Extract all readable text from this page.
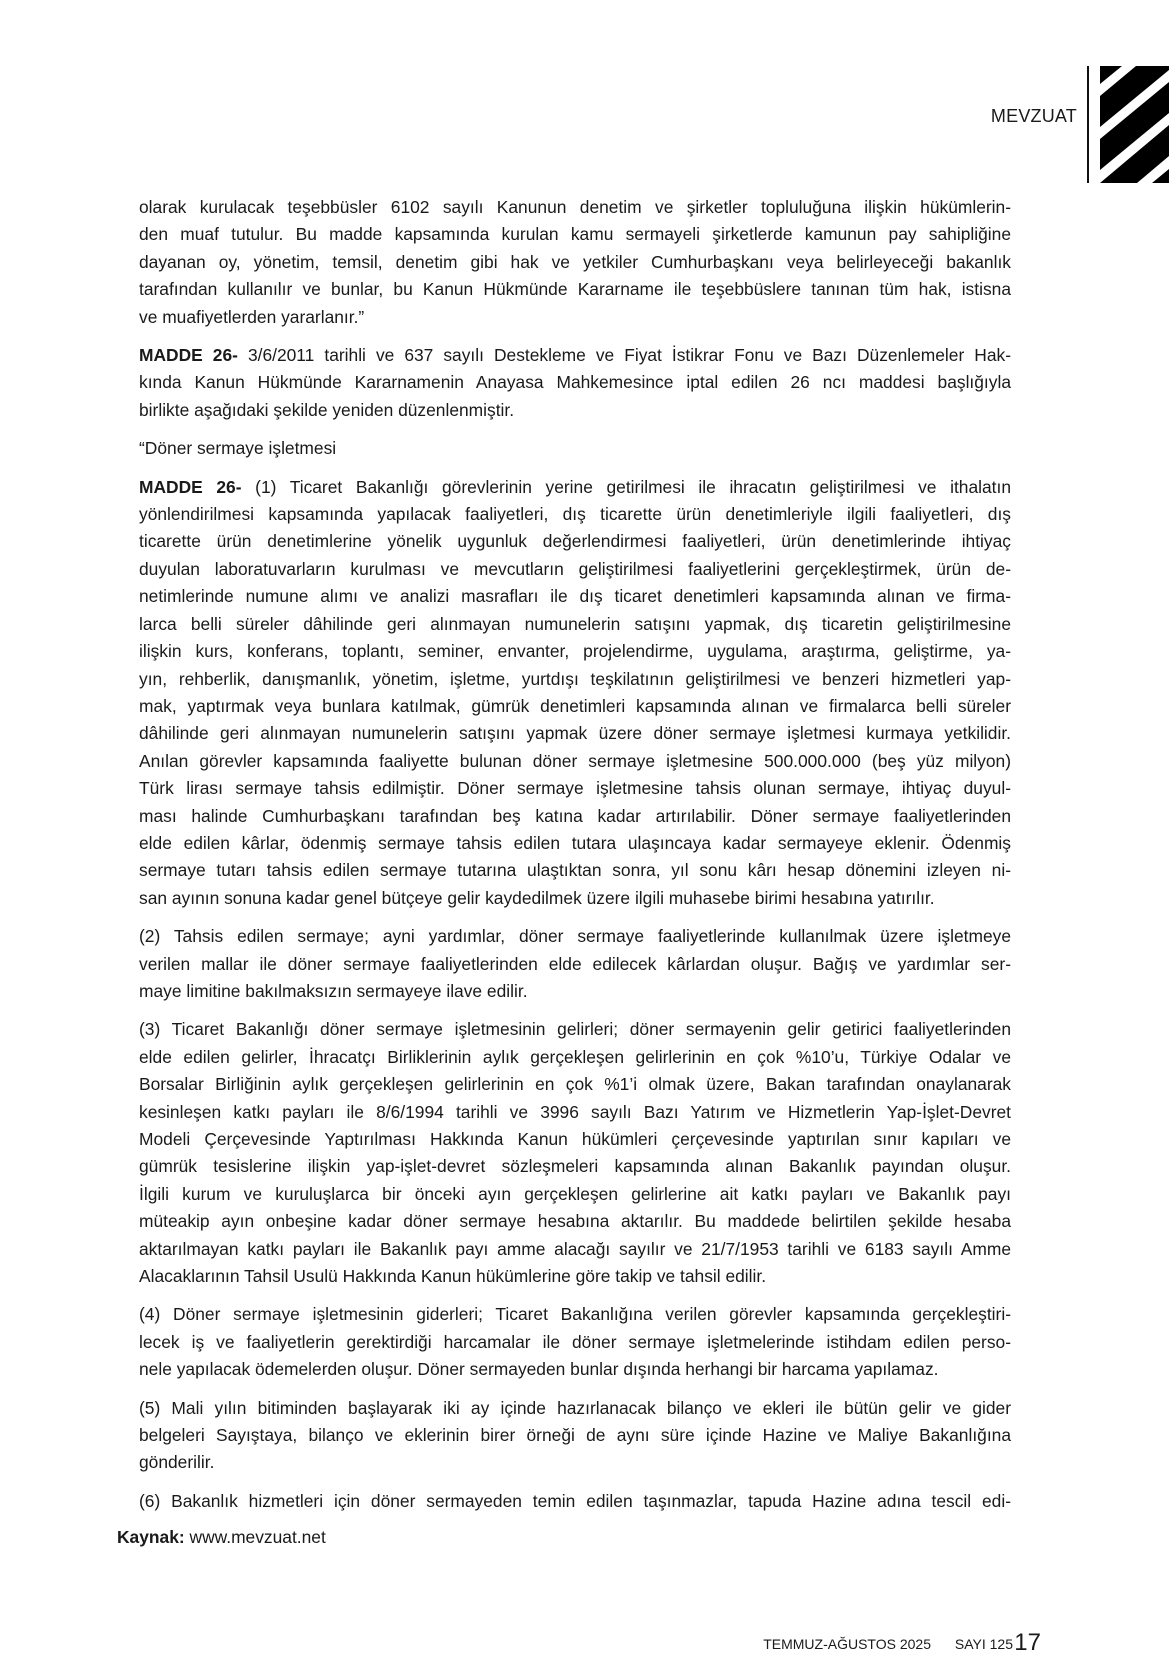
MEVZUAT
olarak kurulacak teşebbüsler 6102 sayılı Kanunun denetim ve şirketler topluluğuna ilişkin hükümlerin-
den muaf tutulur. Bu madde kapsamında kurulan kamu sermayeli şirketlerde kamunun pay sahipliğine
dayanan oy, yönetim, temsil, denetim gibi hak ve yetkiler Cumhurbaşkanı veya belirleyeceği bakanlık
tarafından kullanılır ve bunlar, bu Kanun Hükmünde Kararname ile teşebbüslere tanınan tüm hak, istisna
ve muafiyetlerden yararlanır.”
MADDE 26- 3/6/2011 tarihli ve 637 sayılı Destekleme ve Fiyat İstikrar Fonu ve Bazı Düzenlemeler Hak-
kında Kanun Hükmünde Kararnamenin Anayasa Mahkemesince iptal edilen 26 ncı maddesi başlığıyla
birlikte aşağıdaki şekilde yeniden düzenlenmiştir.
“Döner sermaye işletmesi
MADDE 26- (1) Ticaret Bakanlığı görevlerinin yerine getirilmesi ile ihracatın geliştirilmesi ve ithalatın
yönlendirilmesi kapsamında yapılacak faaliyetleri, dış ticarette ürün denetimleriyle ilgili faaliyetleri, dış
ticarette ürün denetimlerine yönelik uygunluk değerlendirmesi faaliyetleri, ürün denetimlerinde ihtiyaç
duyulan laboratuvarların kurulması ve mevcutların geliştirilmesi faaliyetlerini gerçekleştirmek, ürün de-
netimlerinde numune alımı ve analizi masrafları ile dış ticaret denetimleri kapsamında alınan ve firma-
larca belli süreler dâhilinde geri alınmayan numunelerin satışını yapmak, dış ticaretin geliştirilmesine
ilişkin kurs, konferans, toplantı, seminer, envanter, projelendirme, uygulama, araştırma, geliştirme, ya-
yın, rehberlik, danışmanlık, yönetim, işletme, yurtdışı teşkilatının geliştirilmesi ve benzeri hizmetleri yap-
mak, yaptırmak veya bunlara katılmak, gümrük denetimleri kapsamında alınan ve firmalarca belli süreler
dâhilinde geri alınmayan numunelerin satışını yapmak üzere döner sermaye işletmesi kurmaya yetkilidir.
Anılan görevler kapsamında faaliyette bulunan döner sermaye işletmesine 500.000.000 (beş yüz milyon)
Türk lirası sermaye tahsis edilmiştir. Döner sermaye işletmesine tahsis olunan sermaye, ihtiyaç duyul-
ması halinde Cumhurbaşkanı tarafından beş katına kadar artırılabilir. Döner sermaye faaliyetlerinden
elde edilen kârlar, ödenmiş sermaye tahsis edilen tutara ulaşıncaya kadar sermayeye eklenir. Ödenmiş
sermaye tutarı tahsis edilen sermaye tutarına ulaştıktan sonra, yıl sonu kârı hesap dönemini izleyen ni-
san ayının sonuna kadar genel bütçeye gelir kaydedilmek üzere ilgili muhasebe birimi hesabına yatırılır.
(2) Tahsis edilen sermaye; ayni yardımlar, döner sermaye faaliyetlerinde kullanılmak üzere işletmeye
verilen mallar ile döner sermaye faaliyetlerinden elde edilecek kârlardan oluşur. Bağış ve yardımlar ser-
maye limitine bakılmaksızın sermayeye ilave edilir.
(3) Ticaret Bakanlığı döner sermaye işletmesinin gelirleri; döner sermayenin gelir getirici faaliyetlerinden
elde edilen gelirler, İhracatçı Birliklerinin aylık gerçekleşen gelirlerinin en çok %10’u, Türkiye Odalar ve
Borsalar Birliğinin aylık gerçekleşen gelirlerinin en çok %1’i olmak üzere, Bakan tarafından onaylanarak
kesinleşen katkı payları ile 8/6/1994 tarihli ve 3996 sayılı Bazı Yatırım ve Hizmetlerin Yap-İşlet-Devret
Modeli Çerçevesinde Yaptırılması Hakkında Kanun hükümleri çerçevesinde yaptırılan sınır kapıları ve
gümrük tesislerine ilişkin yap-işlet-devret sözleşmeleri kapsamında alınan Bakanlık payından oluşur.
İlgili kurum ve kuruluşlarca bir önceki ayın gerçekleşen gelirlerine ait katkı payları ve Bakanlık payı
müteakip ayın onbeşine kadar döner sermaye hesabına aktarılır. Bu maddede belirtilen şekilde hesaba
aktarılmayan katkı payları ile Bakanlık payı amme alacağı sayılır ve 21/7/1953 tarihli ve 6183 sayılı Amme
Alacaklarının Tahsil Usulü Hakkında Kanun hükümlerine göre takip ve tahsil edilir.
(4) Döner sermaye işletmesinin giderleri; Ticaret Bakanlığına verilen görevler kapsamında gerçekleştiri-
lecek iş ve faaliyetlerin gerektirdiği harcamalar ile döner sermaye işletmelerinde istihdam edilen perso-
nele yapılacak ödemelerden oluşur. Döner sermayeden bunlar dışında herhangi bir harcama yapılamaz.
(5) Mali yılın bitiminden başlayarak iki ay içinde hazırlanacak bilanço ve ekleri ile bütün gelir ve gider
belgeleri Sayıştaya, bilanço ve eklerinin birer örneği de aynı süre içinde Hazine ve Maliye Bakanlığına
gönderilir.
(6) Bakanlık hizmetleri için döner sermayeden temin edilen taşınmazlar, tapuda Hazine adına tescil edi-
Kaynak: www.mevzuat.net
TEMMUZ-AĞUSTOS 2025 SAYI 125 17
